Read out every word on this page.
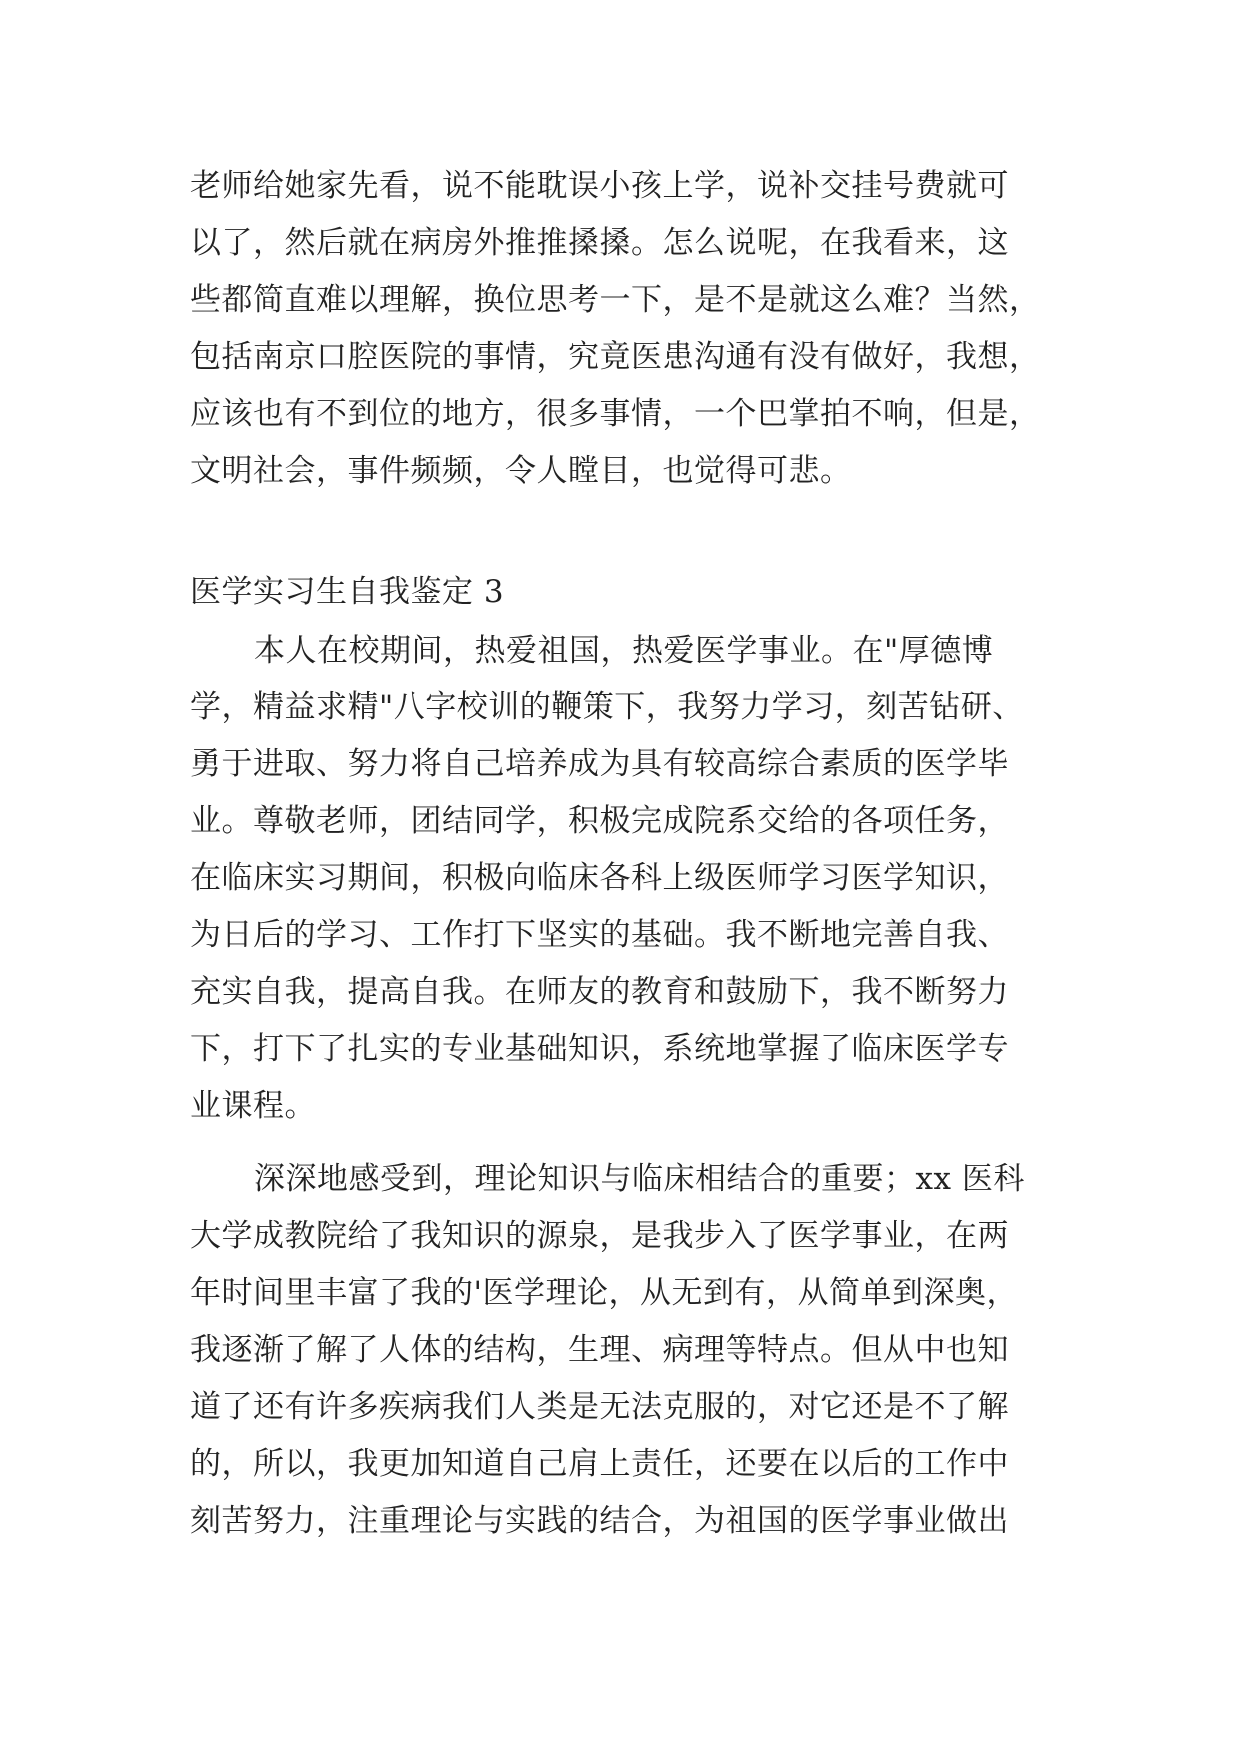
老师给她家先看，说不能耽误小孩上学，说补交挂号费就可
以了，然后就在病房外推推搡搡。怎么说呢，在我看来，这
些都简直难以理解，换位思考一下，是不是就这么难？当然，
包括南京口腔医院的事情，究竟医患沟通有没有做好，我想，
应该也有不到位的地方，很多事情，一个巴掌拍不响，但是，
文明社会，事件频频，令人瞠目，也觉得可悲。
医学实习生自我鉴定 3
本人在校期间，热爱祖国，热爱医学事业。在"厚德博
学，精益求精"八字校训的鞭策下，我努力学习，刻苦钻研、
勇于进取、努力将自己培养成为具有较高综合素质的医学毕
业。尊敬老师，团结同学，积极完成院系交给的各项任务，
在临床实习期间，积极向临床各科上级医师学习医学知识，
为日后的学习、工作打下坚实的基础。我不断地完善自我、
充实自我，提高自我。在师友的教育和鼓励下，我不断努力
下，打下了扎实的专业基础知识，系统地掌握了临床医学专
业课程。
深深地感受到，理论知识与临床相结合的重要；xx 医科
大学成教院给了我知识的源泉，是我步入了医学事业，在两
年时间里丰富了我的'医学理论，从无到有，从简单到深奥，
我逐渐了解了人体的结构，生理、病理等特点。但从中也知
道了还有许多疾病我们人类是无法克服的，对它还是不了解
的，所以，我更加知道自己肩上责任，还要在以后的工作中
刻苦努力，注重理论与实践的结合，为祖国的医学事业做出
